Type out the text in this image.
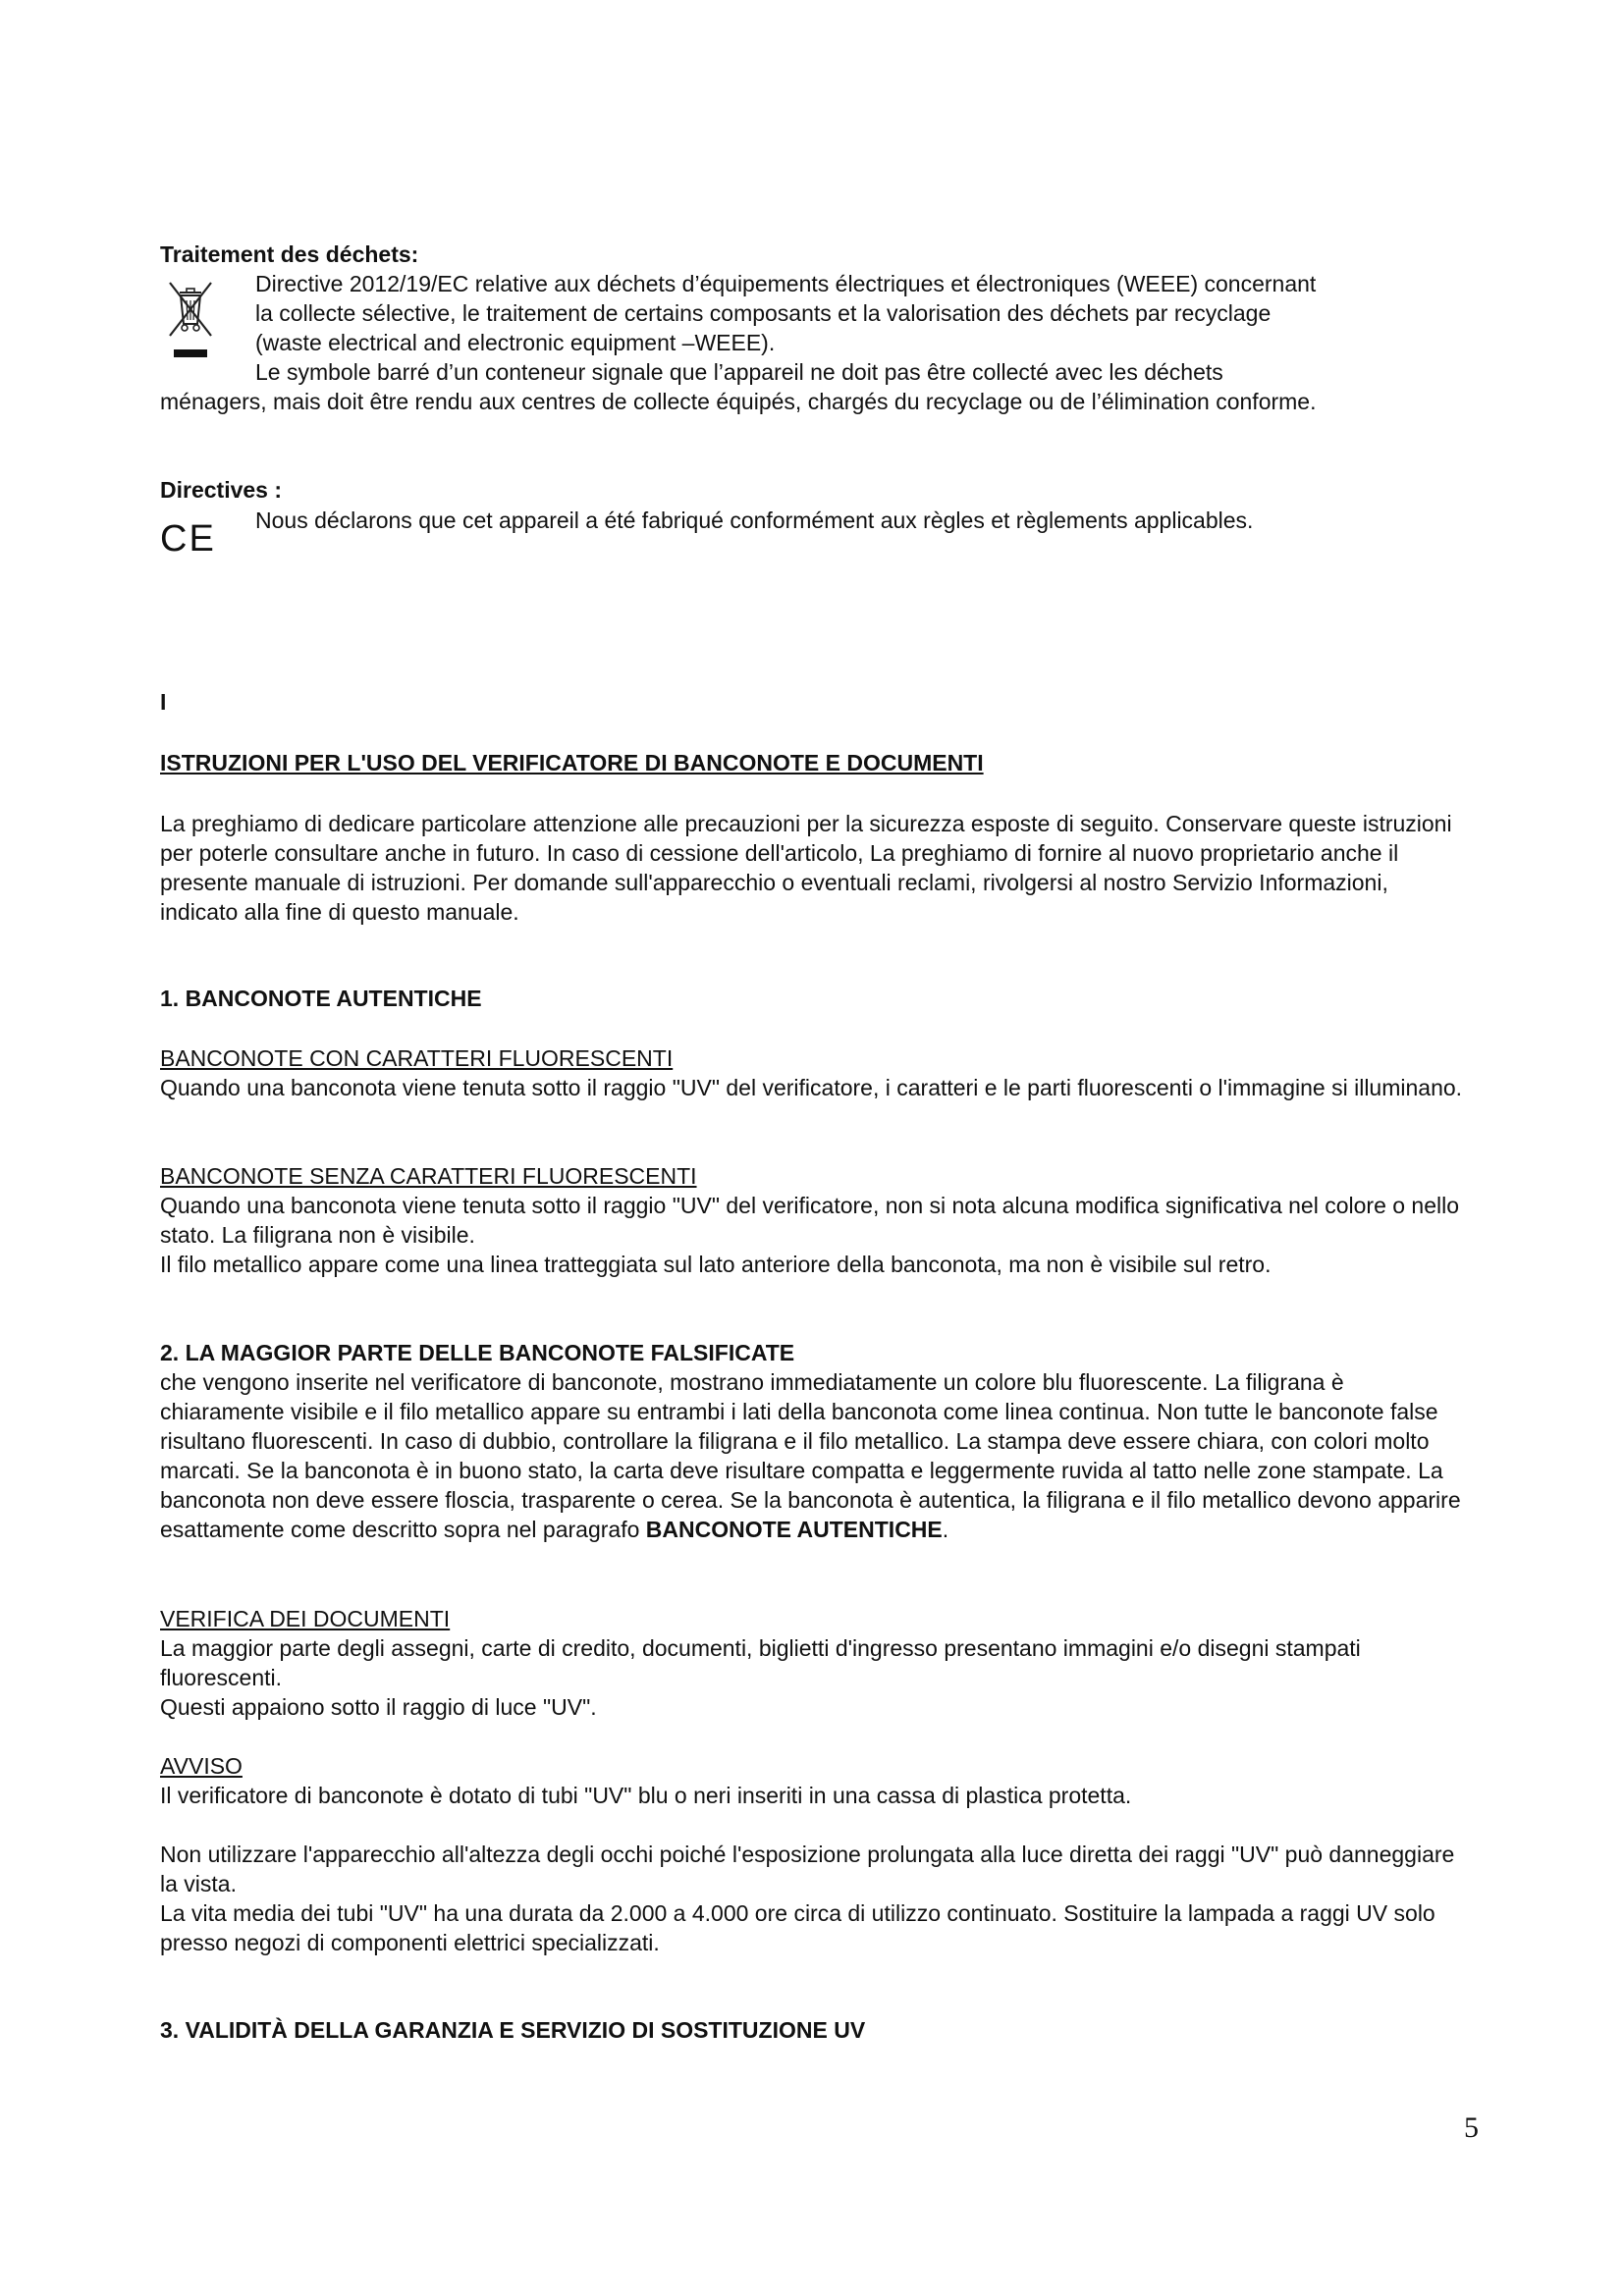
Traitement des déchets:

Directive 2012/19/EC relative aux déchets d’équipements électriques et électroniques (WEEE) concernant

la collecte sélective, le traitement de certains composants et la valorisation des déchets par recyclage

(waste electrical and electronic equipment –WEEE).

Le symbole barré d’un conteneur signale que l’appareil ne doit pas être collecté avec les déchets

ménagers, mais doit être rendu aux centres de collecte équipés, chargés du recyclage ou de l’élimination conforme.

Directives :

CE	Nous déclarons que cet appareil a été fabriqué conformément aux règles et règlements applicables.

I

ISTRUZIONI PER L'USO DEL VERIFICATORE DI BANCONOTE E DOCUMENTI

La preghiamo di dedicare particolare attenzione alle precauzioni per la sicurezza esposte di seguito. Conservare queste istruzioni per poterle consultare anche in futuro. In caso di cessione dell'articolo, La preghiamo di fornire al nuovo proprietario anche il presente manuale di istruzioni. Per domande sull'apparecchio o eventuali reclami, rivolgersi al nostro Servizio Informazioni, indicato alla fine di questo manuale.

1. BANCONOTE AUTENTICHE

BANCONOTE CON CARATTERI FLUORESCENTI

Quando una banconota viene tenuta sotto il raggio "UV" del verificatore, i caratteri e le parti fluorescenti o l'immagine si illuminano.

BANCONOTE SENZA CARATTERI FLUORESCENTI

Quando una banconota viene tenuta sotto il raggio "UV" del verificatore, non si nota alcuna modifica significativa nel colore o nello stato. La filigrana non è visibile.

Il filo metallico appare come una linea tratteggiata sul lato anteriore della banconota, ma non è visibile sul retro.

2. LA MAGGIOR PARTE DELLE BANCONOTE FALSIFICATE

che vengono inserite nel verificatore di banconote, mostrano immediatamente un colore blu fluorescente. La filigrana è chiaramente visibile e il filo metallico appare su entrambi i lati della banconota come linea continua. Non tutte le banconote false risultano fluorescenti. In caso di dubbio, controllare la filigrana e il filo metallico. La stampa deve essere chiara, con colori molto marcati. Se la banconota è in buono stato, la carta deve risultare compatta e leggermente ruvida al tatto nelle zone stampate. La banconota non deve essere floscia, trasparente o cerea. Se la banconota è autentica, la filigrana e il filo metallico devono apparire esattamente come descritto sopra nel paragrafo BANCONOTE AUTENTICHE.

VERIFICA DEI DOCUMENTI

La maggior parte degli assegni, carte di credito, documenti, biglietti d'ingresso presentano immagini e/o disegni stampati fluorescenti.

Questi appaiono sotto il raggio di luce "UV".

AVVISO

Il verificatore di banconote è dotato di tubi "UV" blu o neri inseriti in una cassa di plastica protetta.

Non utilizzare l'apparecchio all'altezza degli occhi poiché l'esposizione prolungata alla luce diretta dei raggi "UV" può danneggiare la vista.

La vita media dei tubi "UV" ha una durata da 2.000 a 4.000 ore circa di utilizzo continuato. Sostituire la lampada a raggi UV solo presso negozi di componenti elettrici specializzati.

3. VALIDITÀ DELLA GARANZIA E SERVIZIO DI SOSTITUZIONE UV

5
